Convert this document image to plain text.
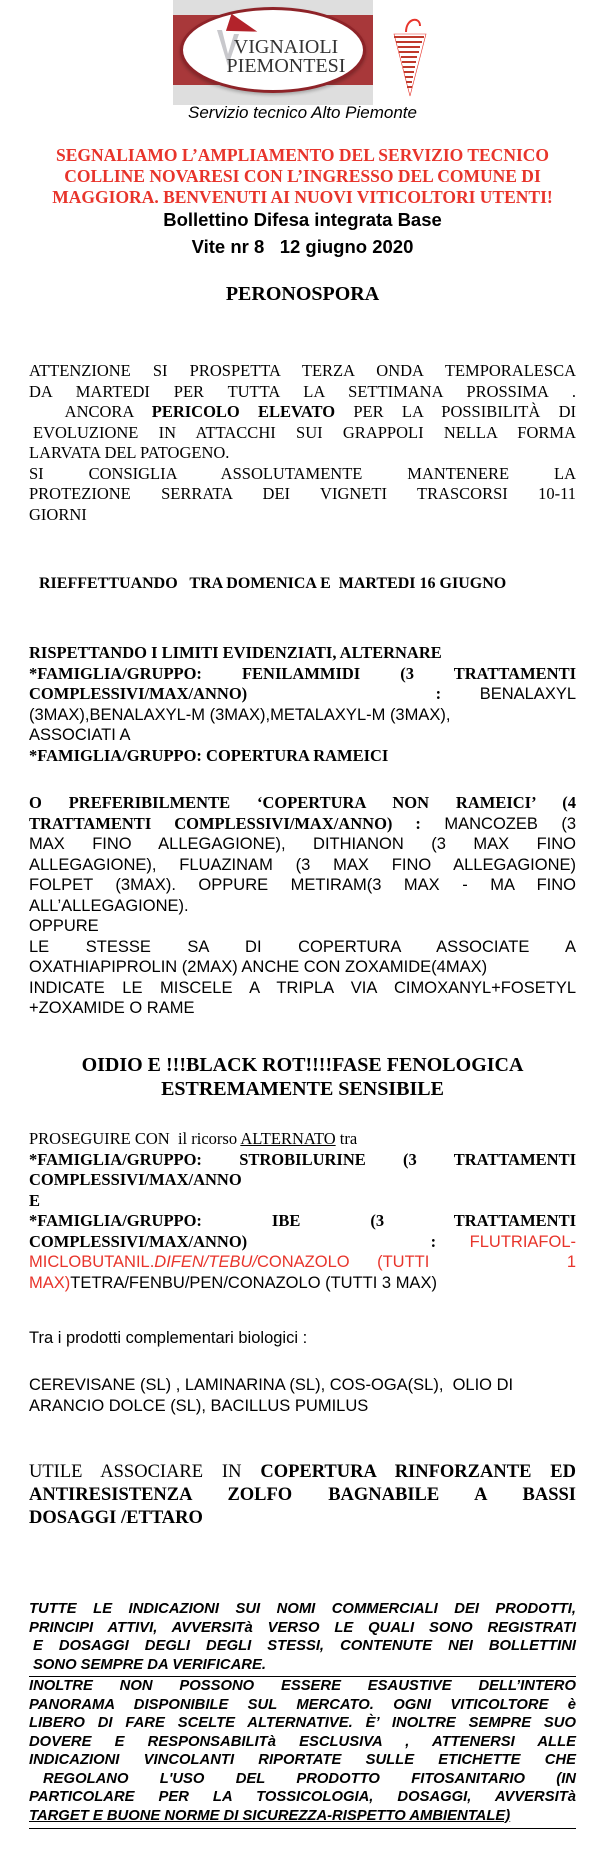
VIGNAIOLI
PIEMONTESI
Servizio tecnico Alto Piemonte
SEGNALIAMO L’AMPLIAMENTO DEL SERVIZIO TECNICO
COLLINE NOVARESI CON L’INGRESSO DEL COMUNE DI
MAGGIORA. BENVENUTI AI NUOVI VITICOLTORI UTENTI!
Bollettino Difesa integrata Base
Vite nr 8   12 giugno 2020
PERONOSPORA
ATTENZIONE SI PROSPETTA TERZA ONDA TEMPORALESCA
DA MARTEDI PER TUTTA LA SETTIMANA PROSSIMA .
ANCORA PERICOLO ELEVATO PER LA POSSIBILITÀ DI
EVOLUZIONE IN ATTACCHI SUI GRAPPOLI NELLA FORMA
LARVATA DEL PATOGENO.
SI CONSIGLIA ASSOLUTAMENTE MANTENERE LA
PROTEZIONE SERRATA DEI VIGNETI TRASCORSI 10-11
GIORNI
RIEFFETTUANDO   TRA DOMENICA E  MARTEDI 16 GIUGNO
RISPETTANDO I LIMITI EVIDENZIATI, ALTERNARE
*FAMIGLIA/GRUPPO: FENILAMMIDI (3 TRATTAMENTI
COMPLESSIVI/MAX/ANNO) : BENALAXYL
(3MAX),BENALAXYL-M (3MAX),METALAXYL-M (3MAX),
ASSOCIATI A
*FAMIGLIA/GRUPPO: COPERTURA RAMEICI
O PREFERIBILMENTE ‘COPERTURA NON RAMEICI’ (4
TRATTAMENTI COMPLESSIVI/MAX/ANNO) : MANCOZEB (3
MAX FINO ALLEGAGIONE), DITHIANON (3 MAX FINO
ALLEGAGIONE), FLUAZINAM (3 MAX FINO ALLEGAGIONE)
FOLPET (3MAX). OPPURE METIRAM(3 MAX - MA FINO
ALL’ALLEGAGIONE).
OPPURE
LE STESSE SA DI COPERTURA ASSOCIATE A
OXATHIAPIPROLIN (2MAX) ANCHE CON ZOXAMIDE(4MAX)
INDICATE LE MISCELE A TRIPLA VIA CIMOXANYL+FOSETYL
+ZOXAMIDE O RAME
OIDIO E !!!BLACK ROT!!!!FASE FENOLOGICA
ESTREMAMENTE SENSIBILE
PROSEGUIRE CON  il ricorso ALTERNATO tra
*FAMIGLIA/GRUPPO: STROBILURINE (3 TRATTAMENTI
COMPLESSIVI/MAX/ANNO
E
*FAMIGLIA/GRUPPO: IBE (3 TRATTAMENTI
COMPLESSIVI/MAX/ANNO) : FLUTRIAFOL-
MICLOBUTANIL.DIFEN/TEBU/CONAZOLO (TUTTI 1
MAX)TETRA/FENBU/PEN/CONAZOLO (TUTTI 3 MAX)
Tra i prodotti complementari biologici :
CEREVISANE (SL) , LAMINARINA (SL), COS-OGA(SL),  OLIO DI
ARANCIO DOLCE (SL), BACILLUS PUMILUS
UTILE ASSOCIARE IN COPERTURA RINFORZANTE ED
ANTIRESISTENZA ZOLFO BAGNABILE A BASSI
DOSAGGI /ETTARO
TUTTE LE INDICAZIONI SUI NOMI COMMERCIALI DEI PRODOTTI,
PRINCIPI ATTIVI, AVVERSITà VERSO LE QUALI SONO REGISTRATI
E DOSAGGI DEGLI DEGLI STESSI, CONTENUTE NEI BOLLETTINI
SONO SEMPRE DA VERIFICARE.
INOLTRE NON POSSONO ESSERE ESAUSTIVE DELL’INTERO
PANORAMA DISPONIBILE SUL MERCATO. OGNI VITICOLTORE è
LIBERO DI FARE SCELTE ALTERNATIVE. È’ INOLTRE SEMPRE SUO
DOVERE E RESPONSABILITà ESCLUSIVA , ATTENERSI ALLE
INDICAZIONI VINCOLANTI RIPORTATE SULLE ETICHETTE CHE
REGOLANO L'USO DEL PRODOTTO FITOSANITARIO (IN
PARTICOLARE PER LA TOSSICOLOGIA, DOSAGGI, AVVERSITà
TARGET E BUONE NORME DI SICUREZZA-RISPETTO AMBIENTALE)
